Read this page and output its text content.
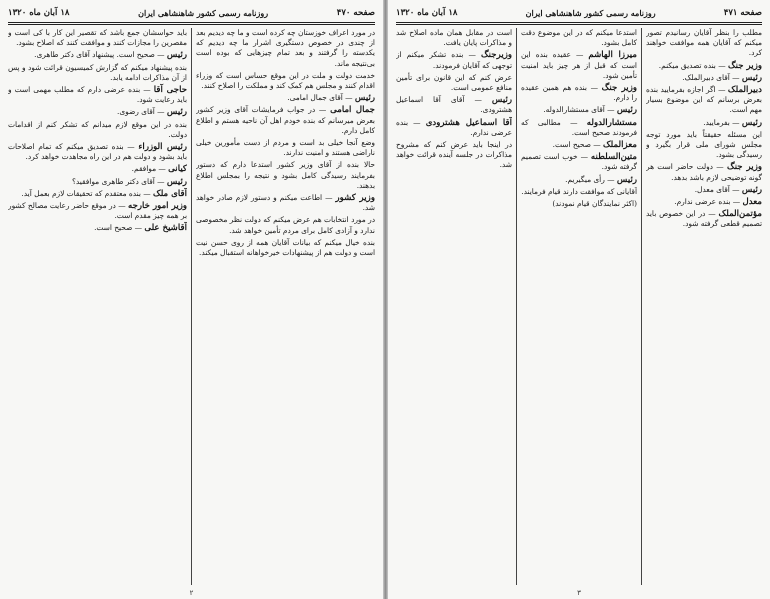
صفحه ۴۷۰
روزنامه رسمی کشور شاهنشاهی ایران
۱۸ آبان ماه ۱۳۲۰

در مورد اعراف خوزستان چه کرده است و ما چه دیدیم بعد از چندی در خصوص دستگیری اشرار ما چه دیدیم که یکدسته را گرفتند و بعد تمام چیزهایی که بوده است بی‌نتیجه ماند.

خدمت دولت و ملت در این موقع حساس است که وزراء اقدام کنند و مجلس هم کمک کند و مملکت را اصلاح کنند.

رئیس — آقای جمال امامی.

جمال امامی — در جواب فرمایشات آقای وزیر کشور بعرض میرسانم که بنده خودم اهل آن ناحیه هستم و اطلاع کامل دارم.

وضع آنجا خیلی بد است و مردم از دست مأمورین خیلی ناراضی هستند و امنیت ندارند.

حالا بنده از آقای وزیر کشور استدعا دارم که دستور بفرمایند رسیدگی کامل بشود و نتیجه را بمجلس اطلاع بدهند.

وزیر کشور — اطاعت میکنم و دستور لازم صادر خواهد شد.

در مورد انتخابات هم عرض میکنم که دولت نظر مخصوصی ندارد و آزادی کامل برای مردم تأمین خواهد شد.

بنده خیال میکنم که بیانات آقایان همه از روی حسن نیت است و دولت هم از پیشنهادات خیرخواهانه استقبال میکند.

باید حواسشان جمع باشد که تقصیر این کار با کی است و مقصرین را مجازات کنند و موافقت کنند که اصلاح بشود.

رئیس — صحیح است. پیشنهاد آقای دکتر طاهری.

بنده پیشنهاد میکنم که گزارش کمیسیون قرائت شود و پس از آن مذاکرات ادامه یابد.

حاجی آقا — بنده عرضی دارم که مطلب مهمی است و باید رعایت شود.

رئیس — آقای رضوی.

بنده در این موقع لازم میدانم که تشکر کنم از اقدامات دولت.

رئیس الوزراء — بنده تصدیق میکنم که تمام اصلاحات باید بشود و دولت هم در این راه مجاهدت خواهد کرد.

کیانی — موافقم.

رئیس — آقای دکتر طاهری موافقید؟

آقای ملک — بنده معتقدم که تحقیقات لازم بعمل آید.

وزیر امور خارجه — در موقع حاضر رعایت مصالح کشور بر همه چیز مقدم است.

آقاشیخ علی — صحیح است.

۲
صفحه ۴۷۱
روزنامه رسمی کشور شاهنشاهی ایران
۱۸ آبان ماه ۱۳۲۰

مطلب را بنظر آقایان رسانیدم تصور میکنم که آقایان همه موافقت خواهند کرد.

وزیر جنگ — بنده تصدیق میکنم.

رئیس — آقای دبیرالملک.

دبیرالملک — اگر اجازه بفرمایید بنده بعرض برسانم که این موضوع بسیار مهم است.

رئیس — بفرمایید.

این مسئله حقیقتاً باید مورد توجه مجلس شورای ملی قرار بگیرد و رسیدگی بشود.

وزیر جنگ — دولت حاضر است هر گونه توضیحی لازم باشد بدهد.

رئیس — آقای معدل.

معدل — بنده عرضی ندارم.

مؤتمن‌الملک — در این خصوص باید تصمیم قطعی گرفته شود.

استدعا میکنم که در این موضوع دقت کامل بشود.

میرزا الهاشم — عقیده بنده این است که قبل از هر چیز باید امنیت تأمین شود.

وزیر جنگ — بنده هم همین عقیده را دارم.

رئیس — آقای مستشارالدوله.

مستشارالدوله — مطالبی که فرمودند صحیح است.

معزالملک — صحیح است.

متین‌السلطنه — خوب است تصمیم گرفته شود.

رئیس — رأی میگیریم.

آقایانی که موافقت دارند قیام فرمایند.

(اکثر نمایندگان قیام نمودند)

است در مقابل همان ماده اصلاح شد و مذاکرات پایان یافت.

وزیرجنگ — بنده تشکر میکنم از توجهی که آقایان فرمودند.

عرض کنم که این قانون برای تأمین منافع عمومی است.

رئیس — آقای آقا اسماعیل هشترودی.

آقا اسماعیل هشترودی — بنده عرضی ندارم.

در اینجا باید عرض کنم که مشروح مذاکرات در جلسه آینده قرائت خواهد شد.

۳
